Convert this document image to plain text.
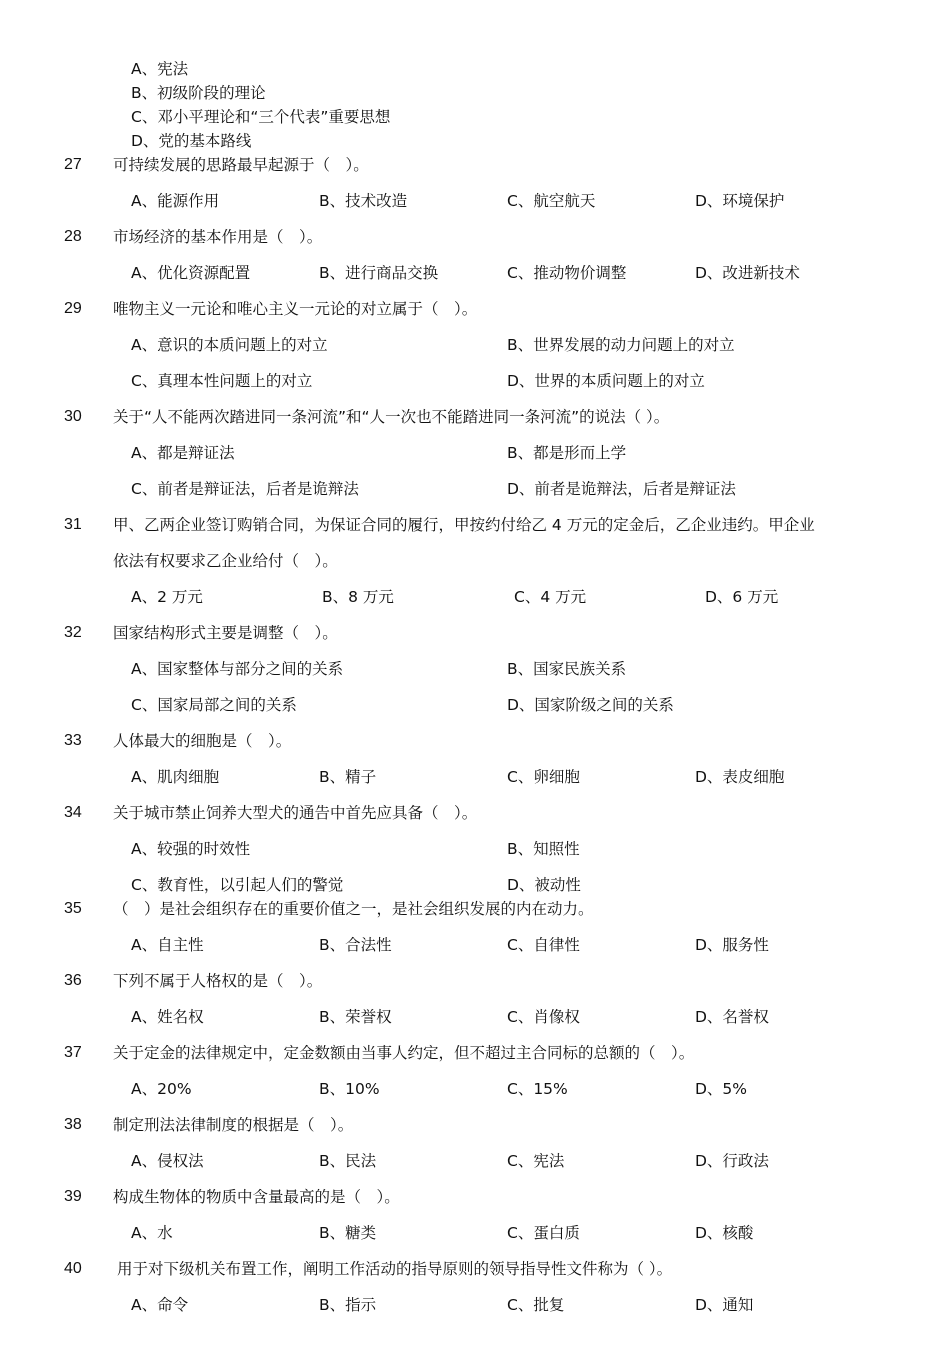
A、宪法
B、初级阶段的理论
C、邓小平理论和“三个代表”重要思想
D、党的基本路线
27	可持续发展的思路最早起源于（　）。
A、能源作用	B、技术改造	C、航空航天	D、环境保护
28	市场经济的基本作用是（　）。
A、优化资源配置	B、进行商品交换	C、推动物价调整	D、改进新技术
29	唯物主义一元论和唯心主义一元论的对立属于（　）。
A、意识的本质问题上的对立	B、世界发展的动力问题上的对立
C、真理本性问题上的对立	D、世界的本质问题上的对立
30	关于“人不能两次踏进同一条河流”和“人一次也不能踏进同一条河流”的说法（ ）。
A、都是辩证法	B、都是形而上学
C、前者是辩证法，后者是诡辩法	D、前者是诡辩法，后者是辩证法
31	甲、乙两企业签订购销合同，为保证合同的履行，甲按约付给乙 4 万元的定金后，乙企业违约。甲企业
依法有权要求乙企业给付（　）。
A、2 万元	B、8 万元	C、4 万元	D、6 万元
32	国家结构形式主要是调整（　）。
A、国家整体与部分之间的关系	B、国家民族关系
C、国家局部之间的关系	D、国家阶级之间的关系
33	人体最大的细胞是（　）。
A、肌肉细胞	B、精子	C、卵细胞	D、表皮细胞
34	关于城市禁止饲养大型犬的通告中首先应具备（　）。
A、较强的时效性	B、知照性
C、教育性，以引起人们的警觉	D、被动性
35	（　）是社会组织存在的重要价值之一，是社会组织发展的内在动力。
A、自主性	B、合法性	C、自律性	D、服务性
36	下列不属于人格权的是（　）。
A、姓名权	B、荣誉权	C、肖像权	D、名誉权
37	关于定金的法律规定中，定金数额由当事人约定，但不超过主合同标的总额的（　）。
A、20%	B、10%	C、15%	D、5%
38	制定刑法法律制度的根据是（　）。
A、侵权法	B、民法	C、宪法	D、行政法
39	构成生物体的物质中含量最高的是（　）。
A、水	B、糖类	C、蛋白质	D、核酸
40	用于对下级机关布置工作，阐明工作活动的指导原则的领导指导性文件称为（ ）。
A、命令	B、指示	C、批复	D、通知
